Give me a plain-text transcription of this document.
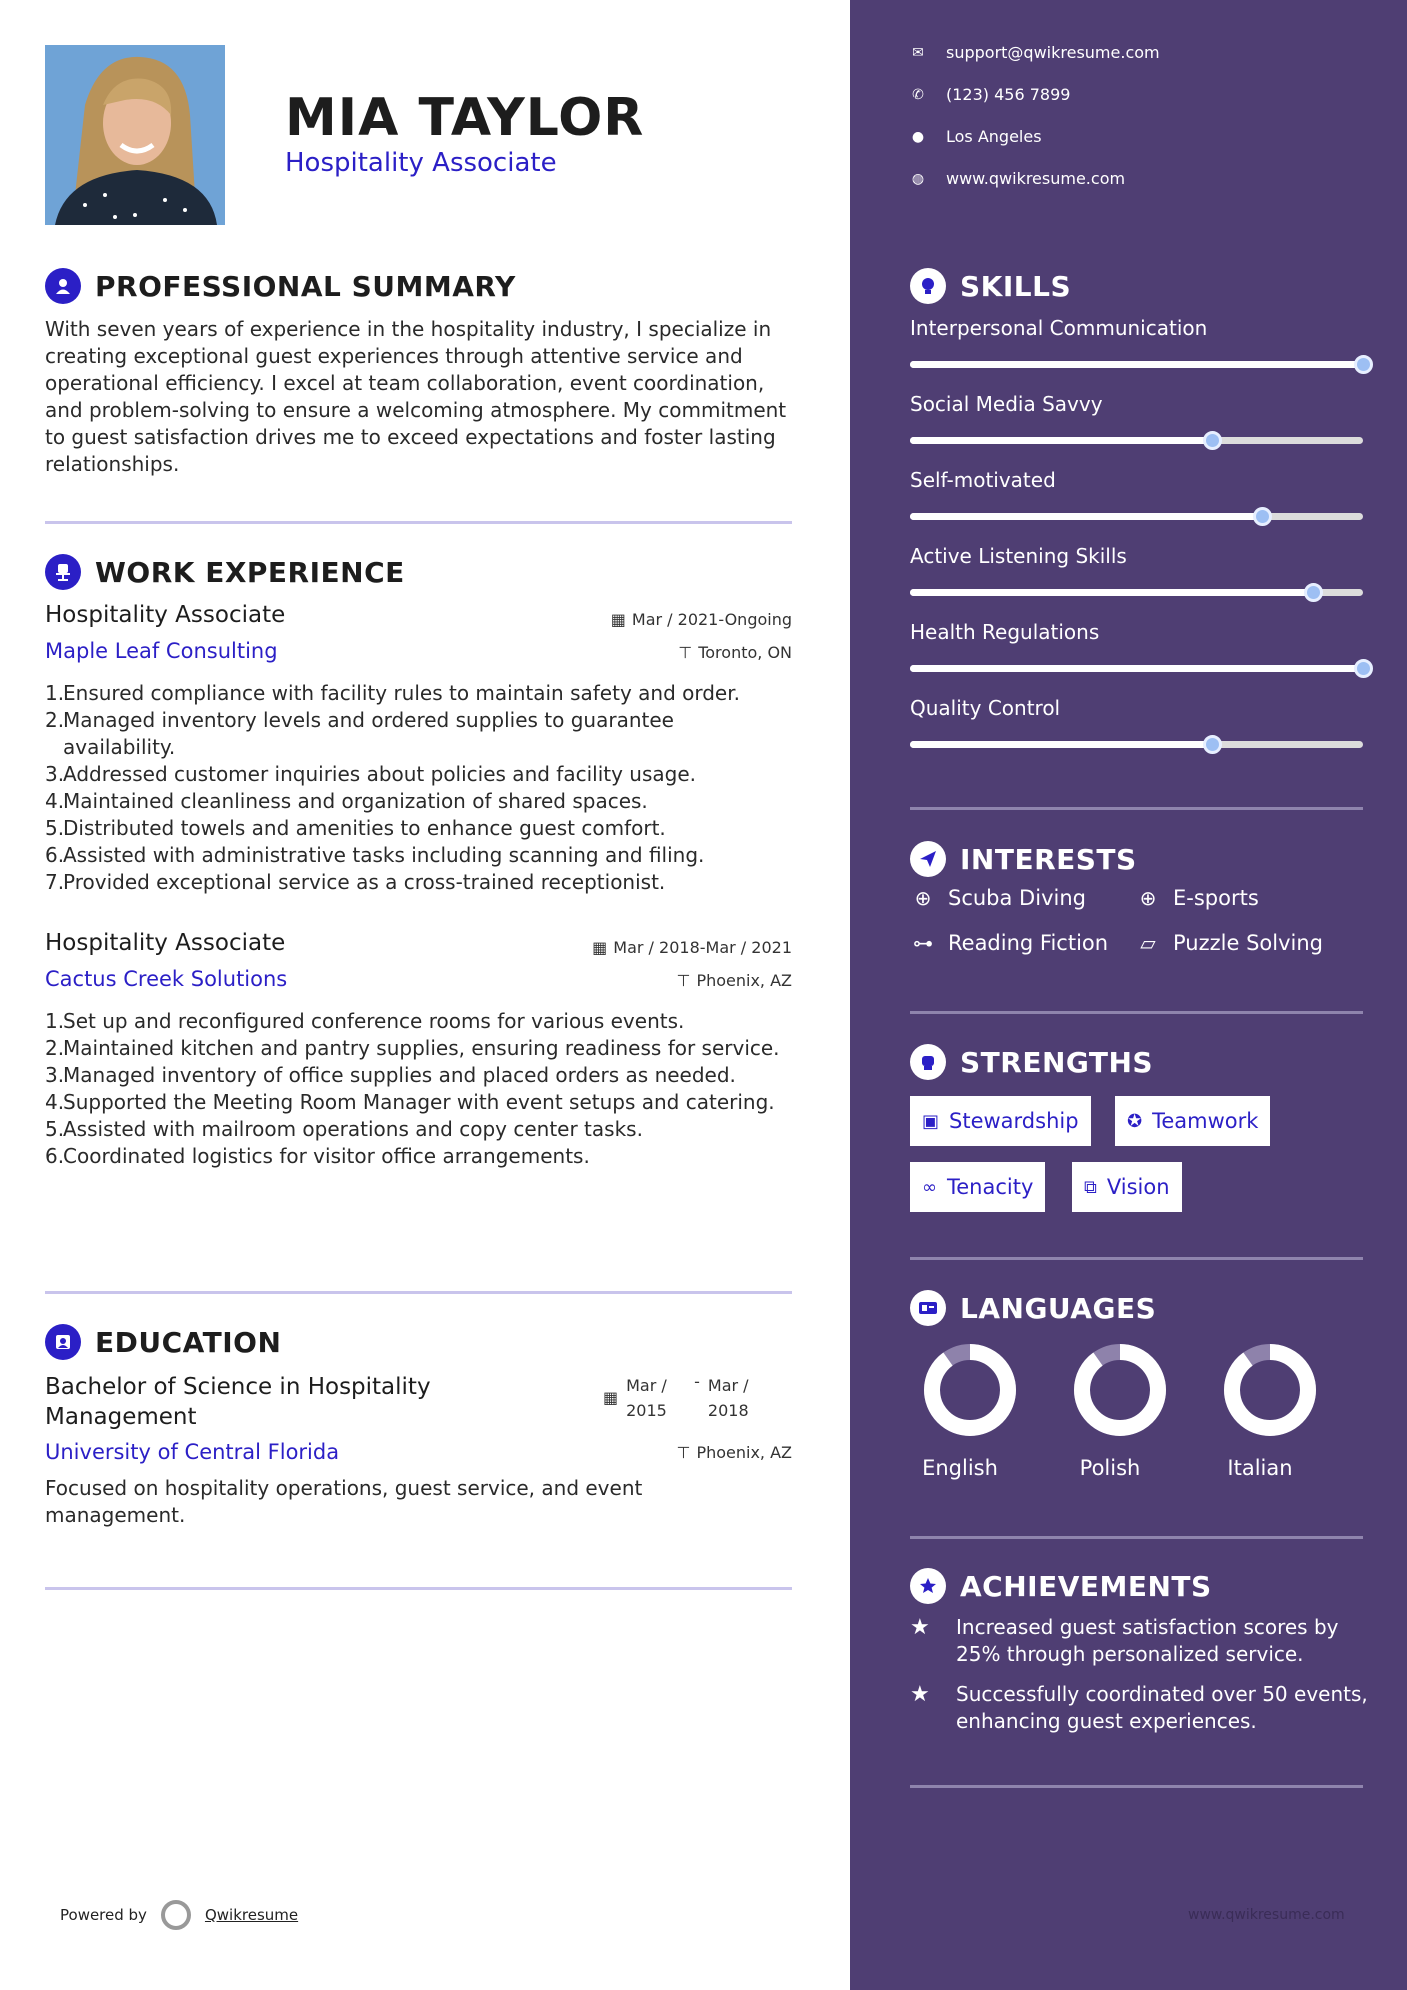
MIA TAYLOR
Hospitality Associate
PROFESSIONAL SUMMARY
With seven years of experience in the hospitality industry, I specialize in creating exceptional guest experiences through attentive service and operational efficiency. I excel at team collaboration, event coordination, and problem-solving to ensure a welcoming atmosphere. My commitment to guest satisfaction drives me to exceed expectations and foster lasting relationships.
WORK EXPERIENCE
Hospitality Associate	▦ Mar / 2021-Ongoing
Maple Leaf Consulting	⊤ Toronto, ON
1.
Ensured compliance with facility rules to maintain safety and order.
2.
Managed inventory levels and ordered supplies to guarantee availability.
3.
Addressed customer inquiries about policies and facility usage.
4.
Maintained cleanliness and organization of shared spaces.
5.
Distributed towels and amenities to enhance guest comfort.
6.
Assisted with administrative tasks including scanning and filing.
7.
Provided exceptional service as a cross-trained receptionist.
Hospitality Associate	▦ Mar / 2018-Mar / 2021
Cactus Creek Solutions	⊤ Phoenix, AZ
1.
Set up and reconfigured conference rooms for various events.
2.
Maintained kitchen and pantry supplies, ensuring readiness for service.
3.
Managed inventory of office supplies and placed orders as needed.
4.
Supported the Meeting Room Manager with event setups and catering.
5.
Assisted with mailroom operations and copy center tasks.
6.
Coordinated logistics for visitor office arrangements.
EDUCATION
Bachelor of Science in Hospitality Management
▦
Mar / 2015
- Mar / 2018
University of Central Florida	⊤ Phoenix, AZ
Focused on hospitality operations, guest service, and event management.
Powered by	Qwikresume
✉ support@qwikresume.com
✆ (123) 456 7899
● Los Angeles
◍ www.qwikresume.com
SKILLS
Interpersonal Communication
Social Media Savvy
Self-motivated
Active Listening Skills
Health Regulations
Quality Control
INTERESTS
⊕ Scuba Diving	⊕ E-sports
⊶ Reading Fiction ▱ Puzzle Solving
STRENGTHS
▣ Stewardship	✪ Teamwork
∞ Tenacity	⧉ Vision
LANGUAGES
English	Polish	Italian
ACHIEVEMENTS
★	Increased guest satisfaction scores by 25% through personalized service.
★	Successfully coordinated over 50 events, enhancing guest experiences.
www.qwikresume.com
